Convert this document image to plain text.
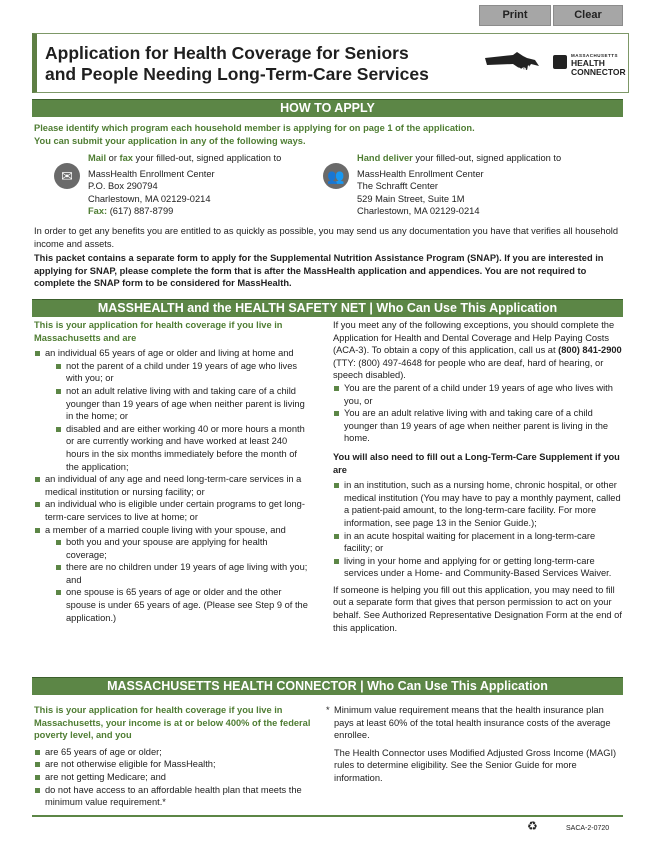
Print	Clear
Application for Health Coverage for Seniors
and People Needing Long-Term-Care Services	MassHealth
MASSACHUSETTS
HEALTH CONNECTOR
HOW TO APPLY
Please identify which program each household member is applying for on page 1 of the application.
You can submit your application in any of the following ways.
✉
Mail or fax your filled-out, signed application to
MassHealth Enrollment Center
P.O. Box 290794
Charlestown, MA 02129-0214
Fax: (617) 887-8799
👥
Hand deliver your filled-out, signed application to
MassHealth Enrollment Center
The Schrafft Center
529 Main Street, Suite 1M
Charlestown, MA 02129-0214
In order to get any benefits you are entitled to as quickly as possible, you may send us any documentation you have that verifies all household income and assets.
This packet contains a separate form to apply for the Supplemental Nutrition Assistance Program (SNAP). If you are interested in applying for SNAP, please complete the form that is after the MassHealth application and appendices. You are not required to complete the SNAP form to be considered for MassHealth.
MASSHEALTH and the HEALTH SAFETY NET | Who Can Use This Application
This is your application for health coverage if you live in Massachusetts and are
an individual 65 years of age or older and living at home and
not the parent of a child under 19 years of age who lives with you; or
not an adult relative living with and taking care of a child younger than 19 years of age when neither parent is living in the home; or
disabled and are either working 40 or more hours a month or are currently working and have worked at least 240 hours in the six months immediately before the month of the application;
an individual of any age and need long-term-care services in a medical institution or nursing facility; or
an individual who is eligible under certain programs to get long-term-care services to live at home; or
a member of a married couple living with your spouse, and
both you and your spouse are applying for health coverage;
there are no children under 19 years of age living with you; and
one spouse is 65 years of age or older and the other spouse is under 65 years of age. (Please see Step 9 of the application.)
If you meet any of the following exceptions, you should complete the Application for Health and Dental Coverage and Help Paying Costs (ACA-3). To obtain a copy of this application, call us at (800) 841-2900 (TTY: (800) 497-4648 for people who are deaf, hard of hearing, or speech disabled).
You are the parent of a child under 19 years of age who lives with you, or
You are an adult relative living with and taking care of a child younger than 19 years of age when neither parent is living in the home.
You will also need to fill out a Long-Term-Care Supplement if you are
in an institution, such as a nursing home, chronic hospital, or other medical institution (You may have to pay a monthly payment, called a patient-paid amount, to the long-term-care facility. For more information, see page 13 in the Senior Guide.);
in an acute hospital waiting for placement in a long-term-care facility; or
living in your home and applying for or getting long-term-care services under a Home- and Community-Based Services Waiver.
If someone is helping you fill out this application, you may need to fill out a separate form that gives that person permission to act on your behalf. See Authorized Representative Designation Form at the end of this application.
MASSACHUSETTS HEALTH CONNECTOR | Who Can Use This Application
This is your application for health coverage if you live in Massachusetts, your income is at or below 400% of the federal poverty level, and you
are 65 years of age or older;
are not otherwise eligible for MassHealth;
are not getting Medicare; and
do not have access to an affordable health plan that meets the minimum value requirement.*
* Minimum value requirement means that the health insurance plan pays at least 60% of the total health insurance costs of the average enrollee.
The Health Connector uses Modified Adjusted Gross Income (MAGI) rules to determine eligibility. See the Senior Guide for more information.
♻	SACA-2-0720
